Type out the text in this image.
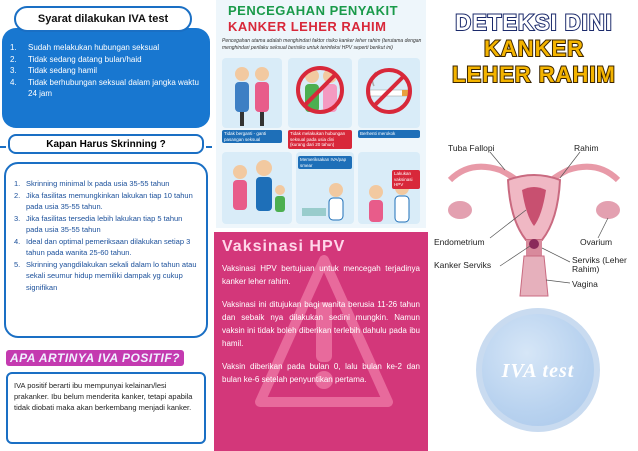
Syarat dilakukan IVA test
1.	Sudah melakukan hubungan seksual
2.	Tidak sedang datang bulan/haid
3.	Tidak sedang hamil
4.	Tidak berhubungan seksual dalam jangka waktu 24 jam
Kapan Harus Skrinning ?
1. Skrinning minimal lx pada usia 35-55 tahun
2. Jika fasilitas memungkinkan lakukan tiap 10 tahun pada usia 35-55 tahun.
3. Jika fasilitas tersedia lebih lakukan tiap 5 tahun pada usia 35-55 tahun
4. Ideal dan optimal pemeriksaan dilakukan setiap 3 tahun pada wanita 25-60 tahun.
5. Skrinning yangdilakukan sekali dalam lo tahun atau sekali seumur hidup memiliki dampak yg cukup signifikan
APA ARTINYA IVA POSITIF?
IVA positif berarti ibu mempunyai kelainan/lesi prakanker. Ibu belum menderita kanker, tetapi apabila tidak diobati maka akan berkembang menjadi kanker.
PENCEGAHAN PENYAKIT
KANKER LEHER RAHIM
Pencegahan utama adalah menghindari faktor risiko kanker leher rahim (terutama dengan menghindari perilaku seksual berisiko untuk terinfeksi HPV seperti berikut ini)
Tidak berganti - ganti pasangan seksual
Tidak melakukan hubungan seksual pada usia dini (kurang dari 20 tahun)
Berhenti merokok
Memeriksakan IVA/pap smear
Lakukan vaksinasi HPV
Vaksinasi HPV

Vaksinasi HPV bertujuan untuk mencegah terjadinya kanker leher rahim.

Vaksinasi ini ditujukan bagi wanita berusia 11-26 tahun dan sebaik nya dilakukan sedini mungkin. Namun vaksin ini tidak boleh diberikan terlebih dahulu pada ibu hamil.

Vaksin diberikan pada bulan 0, lalu bulan ke-2 dan bulan ke-6 setelah penyuntikan pertama.

DETEKSI DINI
KANKER
LEHER RAHIM
Tuba Fallopi	Rahim
Endometrium	Ovarium
Kanker Serviks	Serviks (Leher Rahim)
Vagina
IVA test
